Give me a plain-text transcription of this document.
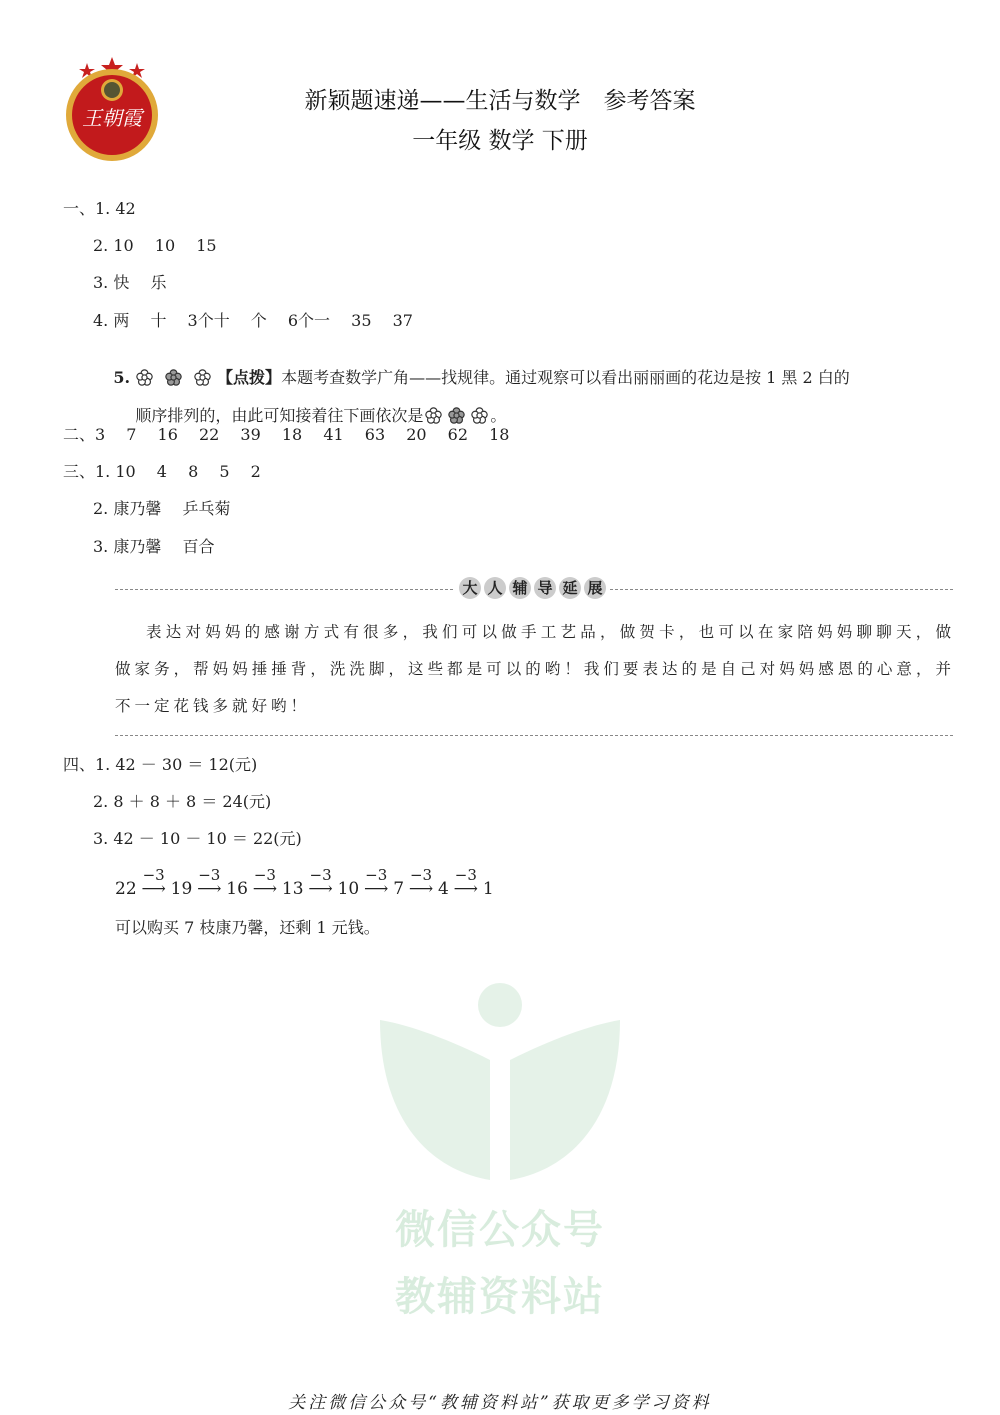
王朝霞
新颖题速递——生活与数学　参考答案
一年级 数学 下册
一、1. 42
2. 10　 10　 15
3. 快　 乐
4. 两　 十　 3个十　 个　 6个一　 35　 37

5.	【点拨】本题考查数学广角——找规律。通过观察可以看出丽丽画的花边是按 1 黑 2 白的

顺序排列的，由此可知接着往下画依次是	。

二、3　 7　 16　 22　 39　 18　 41　 63　 20　 62　 18
三、1. 10　 4　 8　 5　 2
2. 康乃馨　 乒乓菊
3. 康乃馨　 百合
大 人 辅 导 延 展
表达对妈妈的感谢方式有很多，我们可以做手工艺品，做贺卡，也可以在家陪妈妈聊聊天，做做家务，帮妈妈捶捶背，洗洗脚，这些都是可以的哟！我们要表达的是自己对妈妈感恩的心意，并不一定花钱多就好哟！
四、1. 42 － 30 ＝ 12(元)
2. 8 ＋ 8 ＋ 8 ＝ 24(元)
3. 42 － 10 － 10 ＝ 22(元)
22
−3
⟶ 19
−3
⟶ 16
−3
⟶ 13
−3
⟶ 10
−3
⟶ 7
−3
⟶ 4
−3
⟶ 1
可以购买 7 枝康乃馨，还剩 1 元钱。
微信公众号
教辅资料站
关注微信公众号“教辅资料站”获取更多学习资料
